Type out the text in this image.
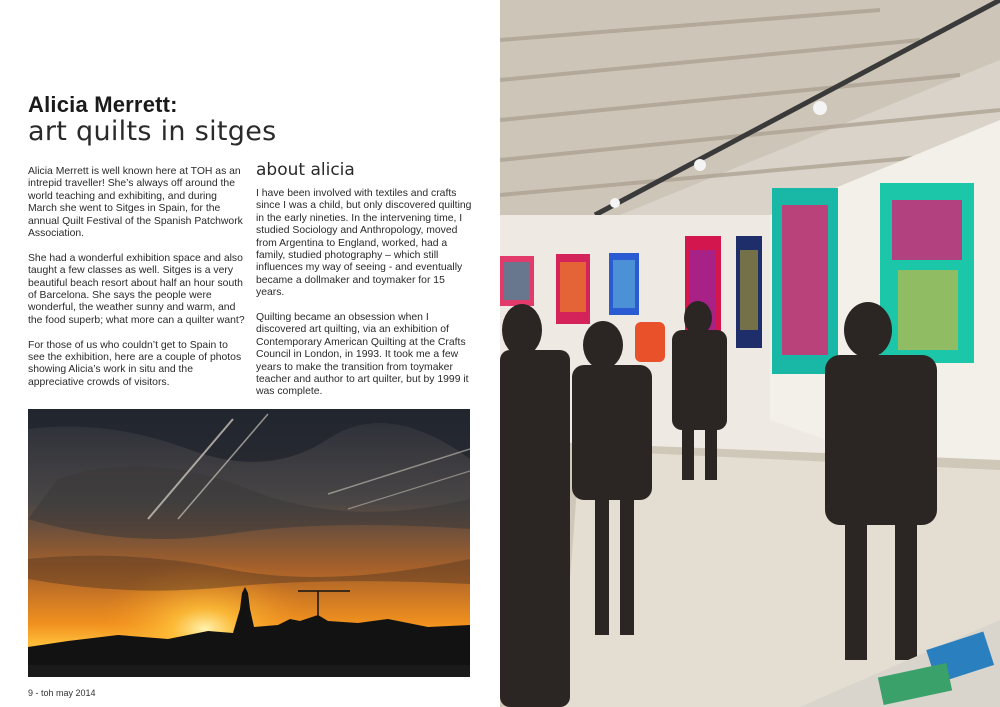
Alicia Merrett:
art quilts in sitges

Alicia Merrett is well known here at TOH as an intrepid traveller! She’s always off around the world teaching and exhibiting, and during March she went to Sitges in Spain, for the annual Quilt Festival of the Spanish Patchwork Association.

She had a wonderful exhibition space and also taught a few classes as well. Sitges is a very beautiful beach resort about half an hour south of Barcelona. She says the people were wonderful, the weather sunny and warm, and the food superb; what more can a quilter want?

For those of us who couldn’t get to Spain to see the exhibition, here are a couple of photos showing Alicia’s work in situ and the appreciative crowds of visitors.

about alicia

I have been involved with textiles and crafts since I was a child, but only discovered quilting in the early nineties. In the intervening time, I studied Sociology and Anthropology, moved from Argentina to England, worked, had a family, studied photography – which still influences my way of seeing - and eventually became a dollmaker and toymaker for 15 years.

Quilting became an obsession when I discovered art quilting, via an exhibition of Contemporary American Quilting at the Crafts Council in London, in 1993. It took me a few years to make the transition from toymaker teacher and author to art quilter, but by 1999 it was complete.

9 - toh may 2014
